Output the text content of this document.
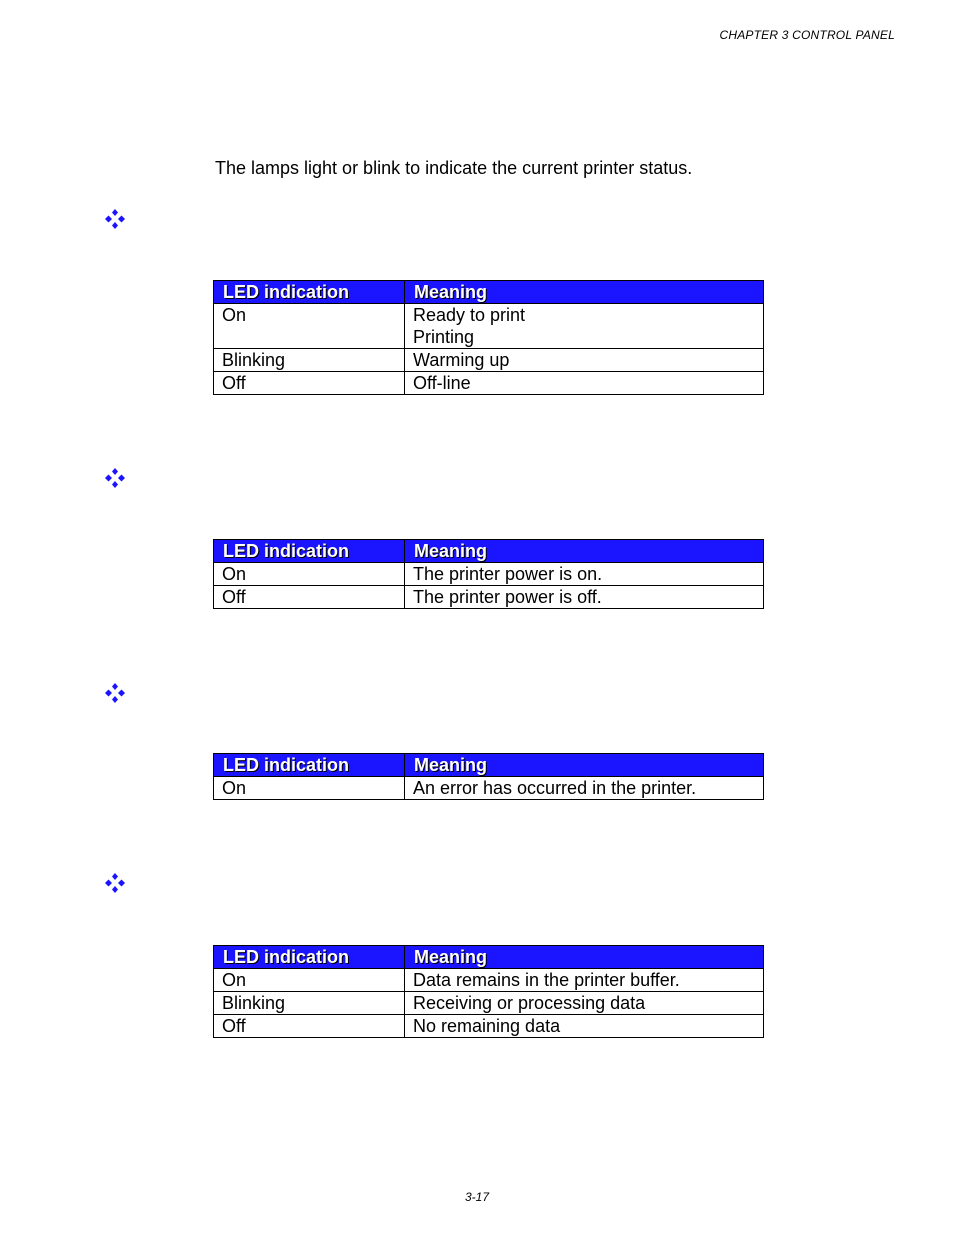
CHAPTER 3 CONTROL PANEL
The lamps light or blink to indicate the current printer status.
LED indication	Meaning
On	Ready to print
Printing

Blinking	Warming up
Off	Off-line
LED indication	Meaning
On	The printer power is on.
Off	The printer power is off.
LED indication	Meaning
On	An error has occurred in the printer.
LED indication	Meaning
On	Data remains in the printer buffer.
Blinking	Receiving or processing data
Off	No remaining data
3-17
